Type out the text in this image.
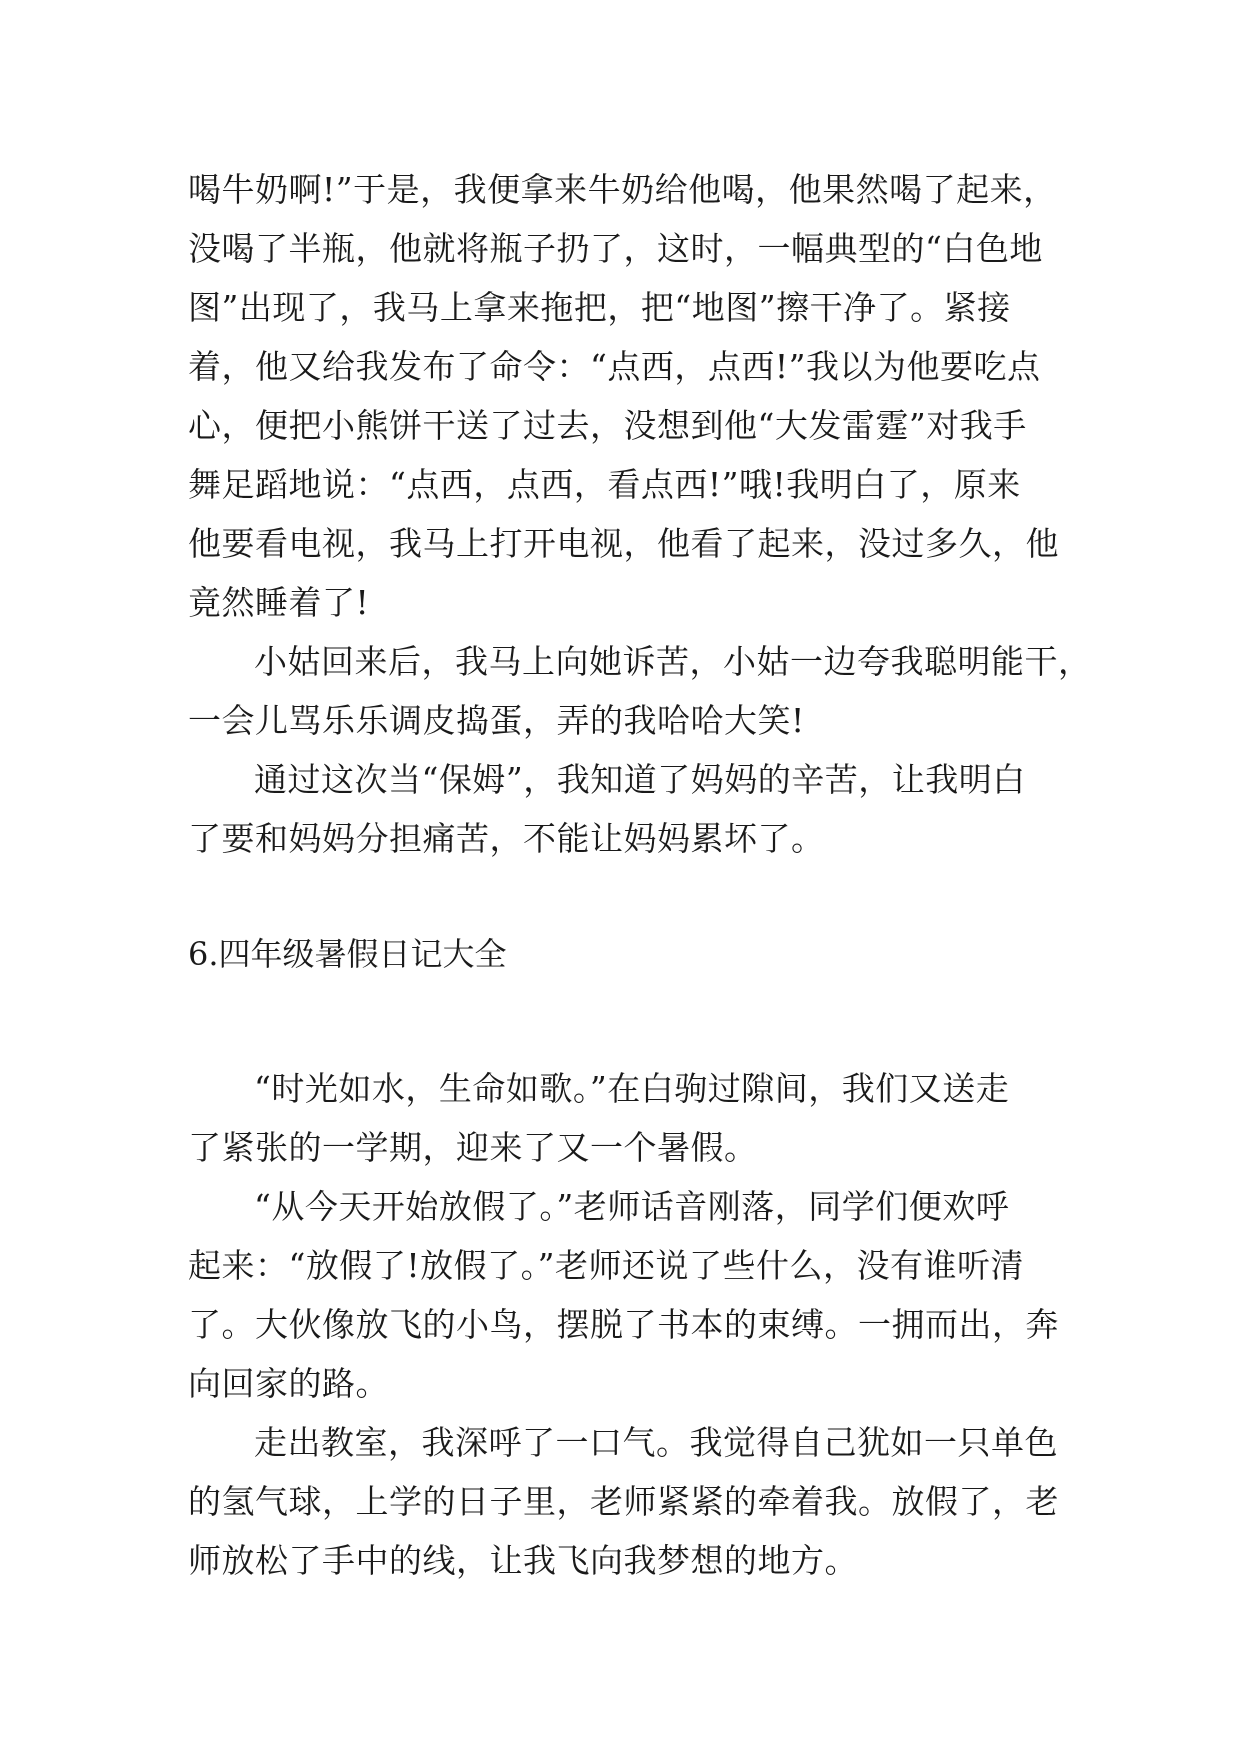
喝牛奶啊!”于是，我便拿来牛奶给他喝，他果然喝了起来，
没喝了半瓶，他就将瓶子扔了，这时，一幅典型的“白色地
图”出现了，我马上拿来拖把，把“地图”擦干净了。紧接
着，他又给我发布了命令：“点西，点西!”我以为他要吃点
心，便把小熊饼干送了过去，没想到他“大发雷霆”对我手
舞足蹈地说：“点西，点西，看点西!”哦!我明白了，原来
他要看电视，我马上打开电视，他看了起来，没过多久，他
竟然睡着了!
小姑回来后，我马上向她诉苦，小姑一边夸我聪明能干，
一会儿骂乐乐调皮捣蛋，弄的我哈哈大笑!
通过这次当“保姆”，我知道了妈妈的辛苦，让我明白
了要和妈妈分担痛苦，不能让妈妈累坏了。
6.四年级暑假日记大全
“时光如水，生命如歌。”在白驹过隙间，我们又送走
了紧张的一学期，迎来了又一个暑假。
“从今天开始放假了。”老师话音刚落，同学们便欢呼
起来：“放假了!放假了。”老师还说了些什么，没有谁听清
了。大伙像放飞的小鸟，摆脱了书本的束缚。一拥而出，奔
向回家的路。
走出教室，我深呼了一口气。我觉得自己犹如一只单色
的氢气球，上学的日子里，老师紧紧的牵着我。放假了，老
师放松了手中的线，让我飞向我梦想的地方。
